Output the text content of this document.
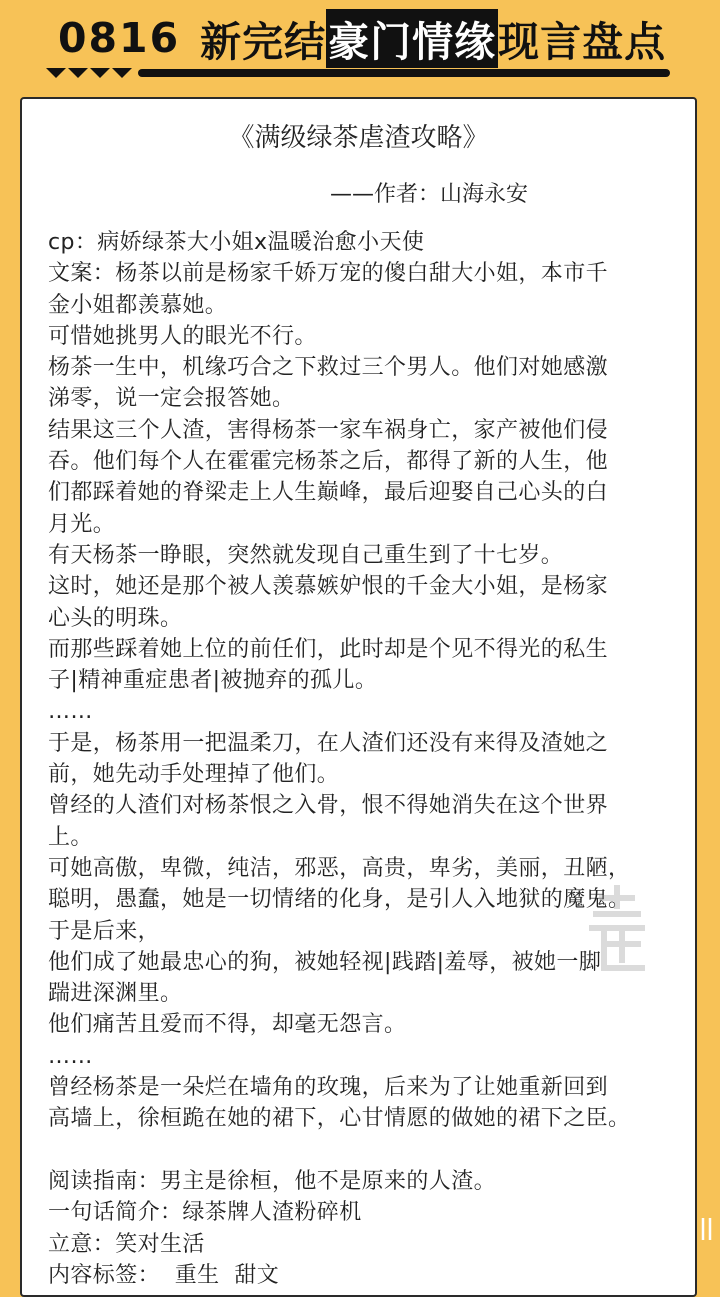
0816 新完结 豪门情缘 现言盘点
《满级绿茶虐渣攻略》
——作者：山海永安

cp：病娇绿茶大小姐x温暖治愈小天使

文案：杨茶以前是杨家千娇万宠的傻白甜大小姐，本市千

金小姐都羡慕她。

可惜她挑男人的眼光不行。

杨茶一生中，机缘巧合之下救过三个男人。他们对她感激

涕零，说一定会报答她。

结果这三个人渣，害得杨茶一家车祸身亡，家产被他们侵

吞。他们每个人在霍霍完杨茶之后，都得了新的人生，他

们都踩着她的脊梁走上人生巅峰，最后迎娶自己心头的白

月光。

有天杨茶一睁眼，突然就发现自己重生到了十七岁。

这时，她还是那个被人羡慕嫉妒恨的千金大小姐，是杨家

心头的明珠。

而那些踩着她上位的前任们，此时却是个见不得光的私生

子|精神重症患者|被抛弃的孤儿。

……

于是，杨茶用一把温柔刀，在人渣们还没有来得及渣她之

前，她先动手处理掉了他们。

曾经的人渣们对杨茶恨之入骨，恨不得她消失在这个世界

上。

可她高傲，卑微，纯洁，邪恶，高贵，卑劣，美丽，丑陋，

聪明，愚蠢，她是一切情绪的化身，是引人入地狱的魔鬼。

于是后来，

他们成了她最忠心的狗，被她轻视|践踏|羞辱，被她一脚

踹进深渊里。

他们痛苦且爱而不得，却毫无怨言。

……

曾经杨茶是一朵烂在墙角的玫瑰，后来为了让她重新回到

高墙上，徐桓跪在她的裙下，心甘情愿的做她的裙下之臣。

阅读指南：男主是徐桓，他不是原来的人渣。

一句话简介：绿茶牌人渣粉碎机

立意：笑对生活

内容标签：  重生  甜文
